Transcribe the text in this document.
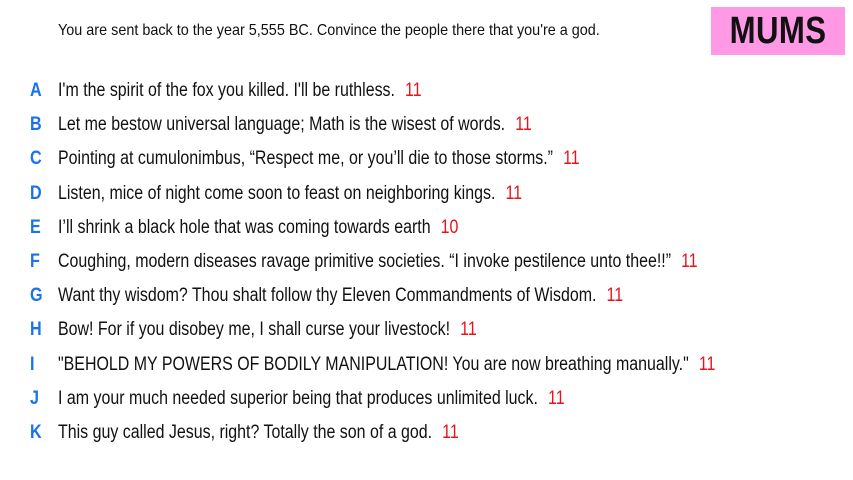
You are sent back to the year 5,555 BC. Convince the people there that you're a god.	MUMS
A I'm the spirit of the fox you killed. I'll be ruthless. 11
B Let me bestow universal language; Math is the wisest of words. 11
C Pointing at cumulonimbus, “Respect me, or you’ll die to those storms.” 11
D Listen, mice of night come soon to feast on neighboring kings. 11
E I’ll shrink a black hole that was coming towards earth 10
F Coughing, modern diseases ravage primitive societies. “I invoke pestilence unto thee!!” 11
G Want thy wisdom? Thou shalt follow thy Eleven Commandments of Wisdom. 11
H Bow! For if you disobey me, I shall curse your livestock! 11
I	"BEHOLD MY POWERS OF BODILY MANIPULATION! You are now breathing manually." 11
J	I am your much needed superior being that produces unlimited luck. 11
K This guy called Jesus, right? Totally the son of a god. 11
